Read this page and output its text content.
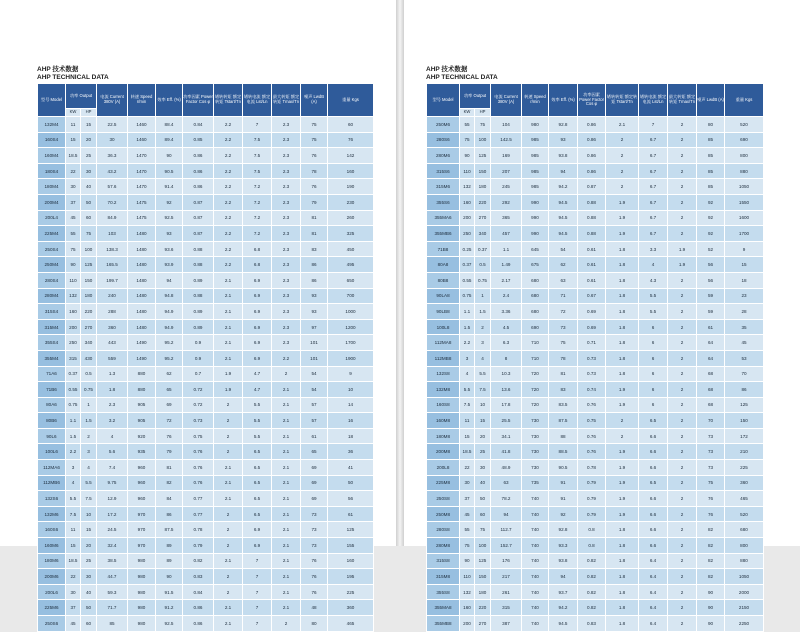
AHP 技术数据
AHP TECHNICAL DATA
型号 Model	功率 Output		电流 Current 380V (A)	转速 Speed r/min	效率 Eff. (%)	功率因素 Power Factor Cos φ	堵转转矩 额定转矩 Tstart/Tn	堵转电流 额定电流 Lst/Ln	最大转矩 额定转矩 Tmax/Tn	噪声 LwdB (A)	重量 Kgs
	KW	HP									
132M4	11	15	22.5	1460	88.4	0.84	2.2	7	2.3	75	60
160S4	15	20	30	1460	89.4	0.85	2.2	7.5	2.3	75	76
160M4	18.5	25	36.3	1470	90	0.86	2.2	7.5	2.3	76	142
180S4	22	30	43.2	1470	90.5	0.86	2.2	7.5	2.3	78	160
180M4	30	40	57.6	1470	91.4	0.86	2.2	7.2	2.3	76	190
200M4	37	50	70.2	1475	92	0.87	2.2	7.2	2.3	79	230
200L4	45	60	84.9	1475	92.5	0.87	2.2	7.2	2.3	81	260
225M4	55	75	103	1480	93	0.87	2.2	7.2	2.3	81	325
250S4	75	100	138.3	1480	93.6	0.88	2.2	6.8	2.3	83	450
250M4	90	125	165.5	1480	93.9	0.88	2.2	6.8	2.3	86	495
280S4	110	150	199.7	1480	94	0.89	2.1	6.9	2.3	86	650
280M4	132	180	240	1480	94.8	0.88	2.1	6.9	2.3	93	700
315S4	160	220	288	1480	94.9	0.89	2.1	6.9	2.3	93	1000
315M4	200	270	360	1480	94.9	0.89	2.1	6.9	2.3	97	1200
355S4	250	340	443	1490	95.2	0.9	2.1	6.9	2.3	101	1700
355M4	315	430	559	1490	95.2	0.9	2.1	6.9	2.2	101	1900
71A6	0.37	0.5	1.3	880	62	0.7	1.9	4.7	2	54	9
71B6	0.55	0.75	1.8	880	65	0.72	1.9	4.7	2.1	54	10
80A6	0.75	1	2.3	905	69	0.72	2	5.5	2.1	57	14
80B6	1.1	1.5	3.2	905	72	0.73	2	5.5	2.1	57	16
90L6	1.5	2	4	920	76	0.75	2	5.5	2.1	61	18
100L6	2.2	3	5.6	935	79	0.76	2	6.5	2.1	65	36
112MA6	3	4	7.4	960	81	0.76	2.1	6.5	2.1	69	41
112MB6	4	5.5	9.75	960	82	0.76	2.1	6.5	2.1	69	50
132S6	5.5	7.5	12.9	960	84	0.77	2.1	6.5	2.1	69	56
132M6	7.5	10	17.2	970	86	0.77	2	6.5	2.1	73	61
160S6	11	15	24.5	970	87.5	0.78	2	6.9	2.1	73	125
160M6	15	20	32.4	970	89	0.79	2	6.9	2.1	73	155
180M6	18.5	25	38.5	980	89	0.82	2.1	7	2.1	76	160
200M6	22	30	44.7	980	90	0.83	2	7	2.1	76	195
200L6	30	40	59.3	980	91.5	0.84	2	7	2.1	76	225
225M6	37	50	71.7	980	91.2	0.86	2.1	7	2.1	48	360
250S6	45	60	85	980	92.5	0.86	2.1	7	2	80	465
AHP 技术数据
AHP TECHNICAL DATA
型号 Model	功率 Output		电流 Current 380V (A)	转速 Speed r/min	效率 Eff. (%)	功率因素 Power Factor Cos φ	堵转转矩 额定转矩 Tstart/Tn	堵转电流 额定电流 Lst/Ln	最大转矩 额定转矩 Tmax/Tn	噪声 LwdB (A)	重量 Kgs
	KW	HP									
250M6	55	75	104	980	92.8	0.86	2.1	7	2	80	520
280S6	75	100	142.5	985	93	0.86	2	6.7	2	85	690
280M6	90	125	169	985	93.8	0.86	2	6.7	2	85	800
315S6	110	150	207	985	94	0.86	2	6.7	2	85	880
315M6	132	180	245	985	94.2	0.87	2	6.7	2	85	1050
355S6	160	220	292	990	94.5	0.88	1.9	6.7	2	92	1550
355MA6	200	270	365	990	94.5	0.88	1.9	6.7	2	92	1600
355MB6	250	340	457	990	94.5	0.88	1.9	6.7	2	92	1700
71B8	0.25	0.37	1.1	645	54	0.61	1.8	3.3	1.9	52	9
80A8	0.37	0.5	1.49	675	62	0.61	1.8	4	1.9	56	15
80B8	0.55	0.75	2.17	680	63	0.61	1.8	4.3	2	56	18
90LA8	0.75	1	2.4	680	71	0.67	1.8	5.5	2	59	23
90LB8	1.1	1.5	3.36	680	72	0.69	1.8	5.5	2	59	28
100L8	1.5	2	4.5	690	73	0.69	1.8	6	2	61	35
112MA8	2.2	3	6.3	710	75	0.71	1.8	6	2	64	45
112MB8	3	4	8	710	78	0.73	1.8	6	2	64	53
132S8	4	5.5	10.3	720	81	0.73	1.8	6	2	68	70
132M8	5.5	7.5	13.6	720	83	0.74	1.9	6	2	68	86
160S8	7.5	10	17.8	720	83.5	0.76	1.9	6	2	68	125
160M8	11	15	25.5	730	87.5	0.75	2	6.5	2	70	150
180M8	15	20	34.1	730	88	0.76	2	6.6	2	73	172
200M8	18.5	25	41.8	730	88.5	0.76	1.9	6.6	2	73	210
200L8	22	30	48.9	730	90.5	0.78	1.9	6.6	2	73	225
225M8	30	40	63	735	91	0.79	1.9	6.5	2	75	360
250S8	37	50	78.2	740	91	0.79	1.9	6.6	2	76	465
250M8	45	60	94	740	92	0.79	1.9	6.6	2	76	520
280S8	55	75	112.7	740	92.8	0.8	1.8	6.6	2	82	680
280M8	75	100	152.7	740	93.3	0.8	1.8	6.6	2	82	800
315S8	90	125	176	740	93.8	0.82	1.8	6.4	2	82	880
315M8	110	150	217	740	94	0.82	1.8	6.4	2	82	1050
355S8	132	180	261	740	93.7	0.82	1.8	6.4	2	90	2000
355MA8	160	220	315	740	94.2	0.82	1.8	6.4	2	90	2150
355MB8	200	270	387	740	94.5	0.83	1.8	6.4	2	90	2250
